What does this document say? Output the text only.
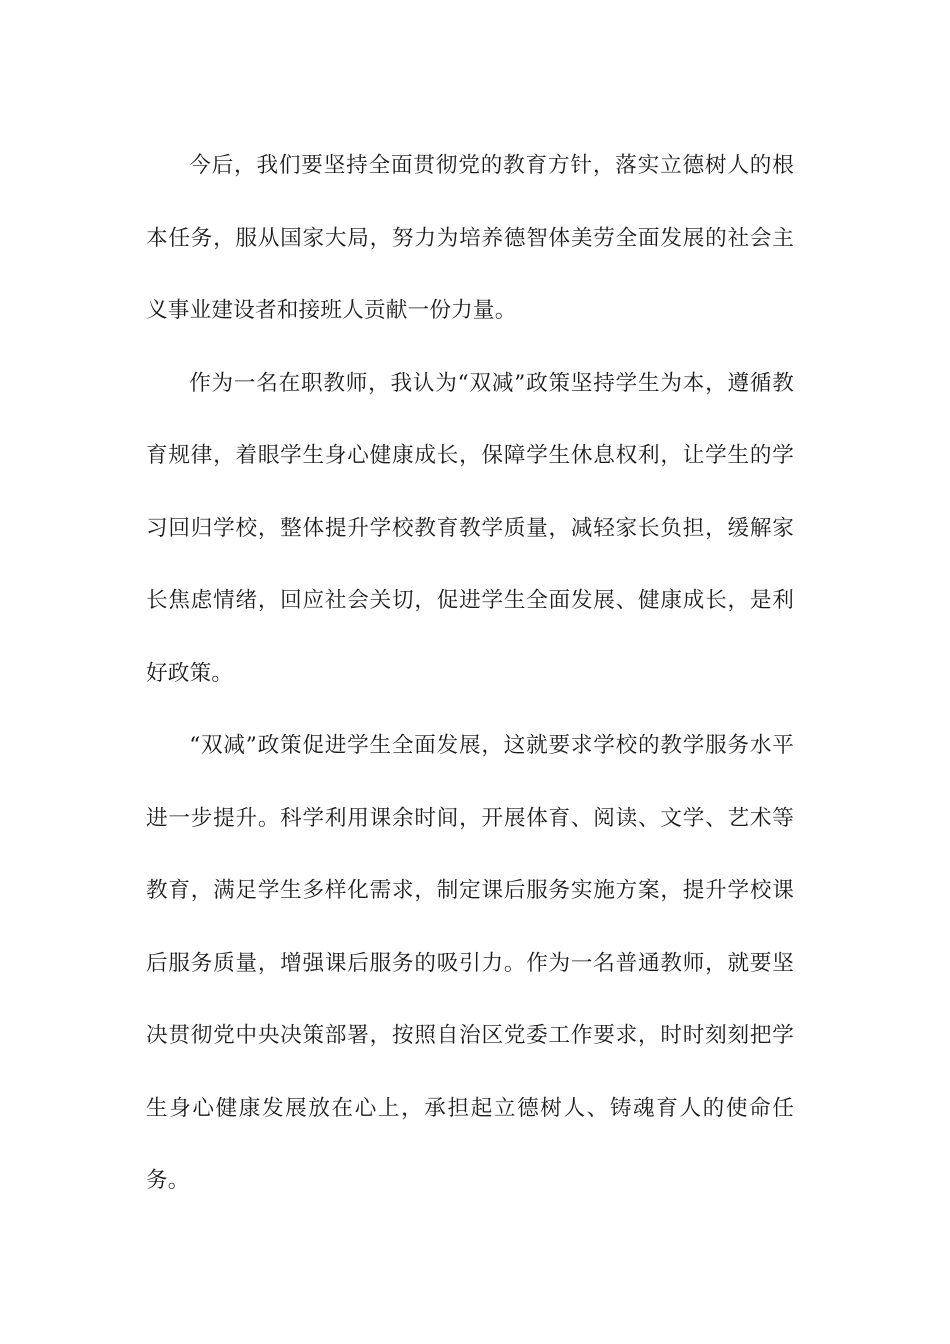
今后，我们要坚持全面贯彻党的教育方针，落实立德树人的根本任务，服从国家大局，努力为培养德智体美劳全面发展的社会主义事业建设者和接班人贡献一份力量。

作为一名在职教师，我认为“双减”政策坚持学生为本，遵循教育规律，着眼学生身心健康成长，保障学生休息权利，让学生的学习回归学校，整体提升学校教育教学质量，减轻家长负担，缓解家长焦虑情绪，回应社会关切，促进学生全面发展、健康成长，是利好政策。

“双减”政策促进学生全面发展，这就要求学校的教学服务水平进一步提升。科学利用课余时间，开展体育、阅读、文学、艺术等教育，满足学生多样化需求，制定课后服务实施方案，提升学校课后服务质量，增强课后服务的吸引力。作为一名普通教师，就要坚决贯彻党中央决策部署，按照自治区党委工作要求，时时刻刻把学生身心健康发展放在心上，承担起立德树人、铸魂育人的使命任务。
